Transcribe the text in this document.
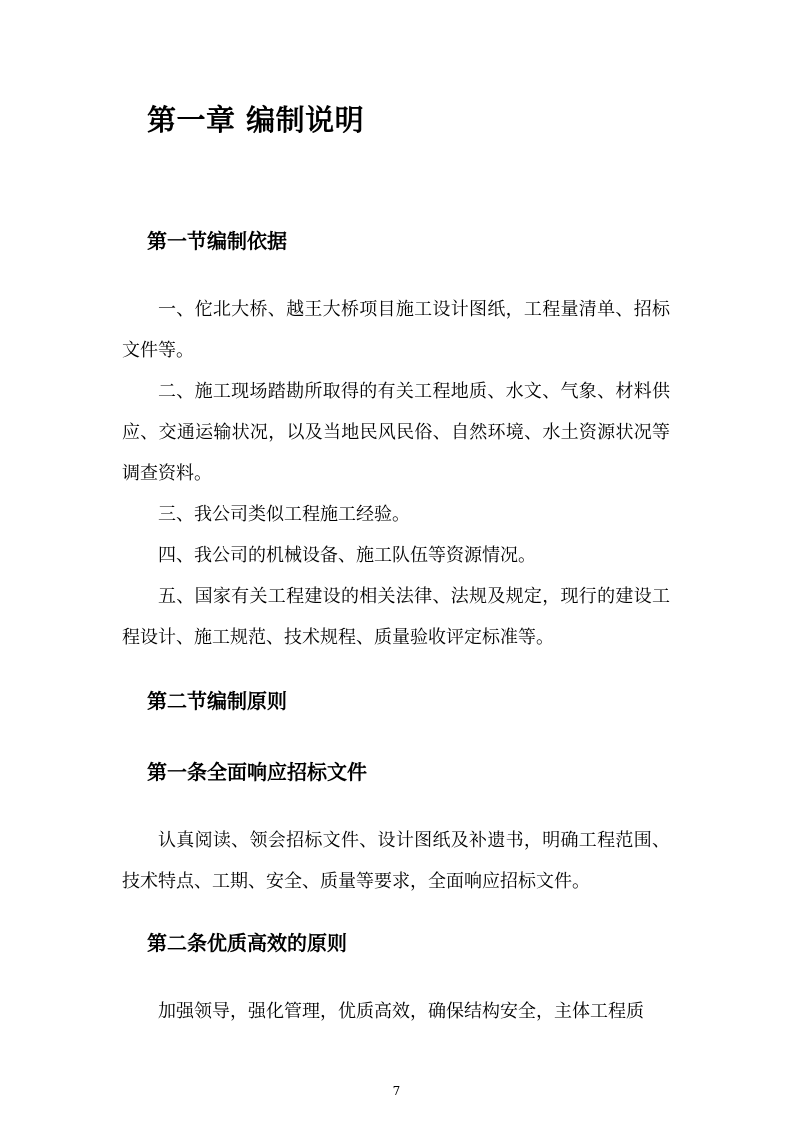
第一章 编制说明
第一节编制依据

一、佗北大桥、越王大桥项目施工设计图纸，工程量清单、招标文件等。

二、施工现场踏勘所取得的有关工程地质、水文、气象、材料供应、交通运输状况，以及当地民风民俗、自然环境、水土资源状况等调查资料。

三、我公司类似工程施工经验。

四、我公司的机械设备、施工队伍等资源情况。

五、国家有关工程建设的相关法律、法规及规定，现行的建设工程设计、施工规范、技术规程、质量验收评定标准等。

第二节编制原则
第一条全面响应招标文件

认真阅读、领会招标文件、设计图纸及补遗书，明确工程范围、技术特点、工期、安全、质量等要求，全面响应招标文件。

第二条优质高效的原则

加强领导，强化管理，优质高效，确保结构安全，主体工程质

7
